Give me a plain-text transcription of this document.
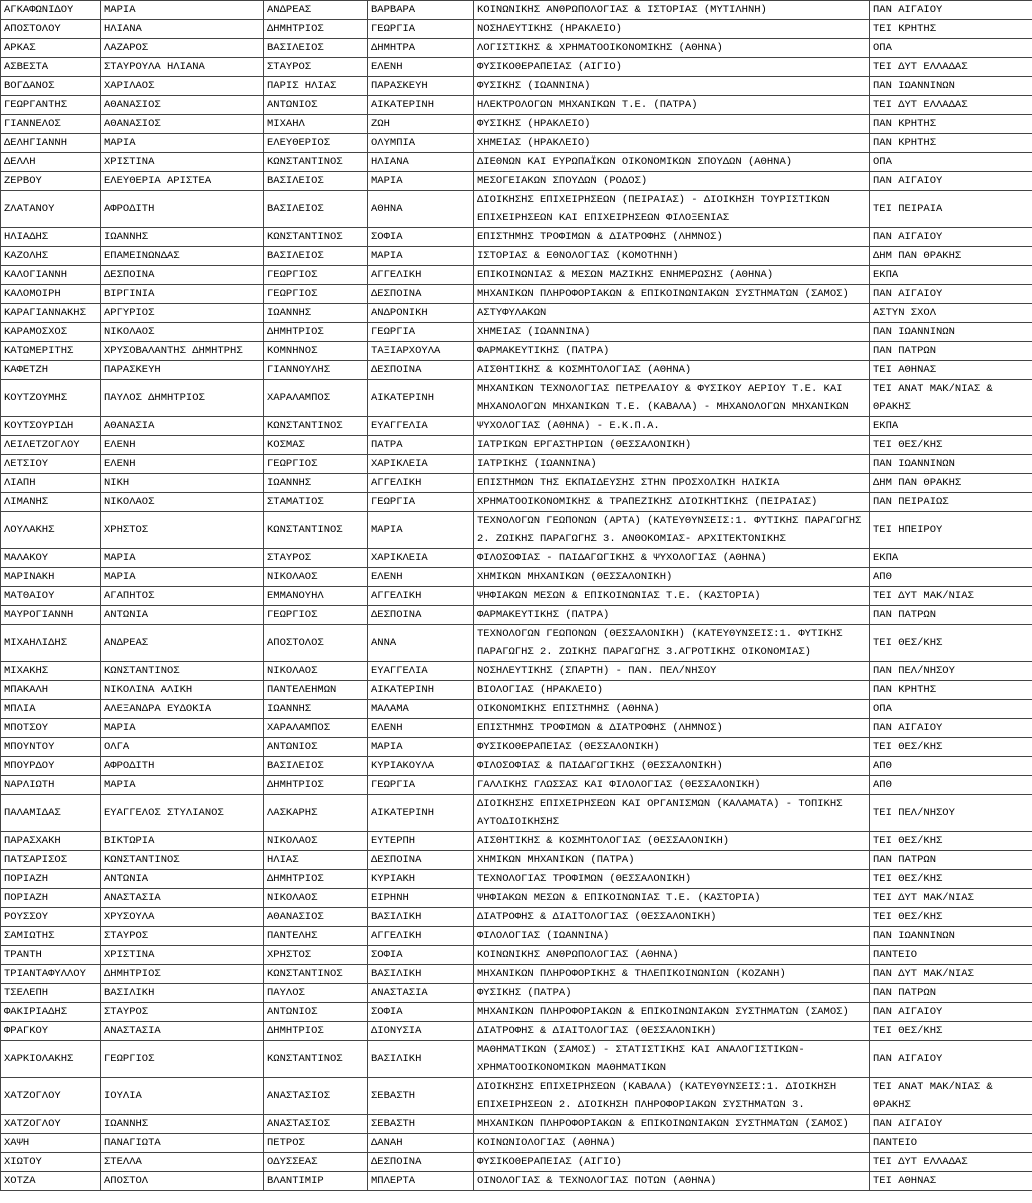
ΑΓΚΑΦΩΝΙΔΟΥ	ΜΑΡΙΑ	ΑΝΔΡΕΑΣ	ΒΑΡΒΑΡΑ	ΚΟΙΝΩΝΙΚΗΣ ΑΝΘΡΩΠΟΛΟΓΙΑΣ & ΙΣΤΟΡΙΑΣ (ΜΥΤΙΛΗΝΗ)	ΠΑΝ ΑΙΓΑΙΟΥ
ΑΠΟΣΤΟΛΟΥ	ΗΛΙΑΝΑ	ΔΗΜΗΤΡΙΟΣ	ΓΕΩΡΓΙΑ	ΝΟΣΗΛΕΥΤΙΚΗΣ (ΗΡΑΚΛΕΙΟ)	ΤΕΙ ΚΡΗΤΗΣ
ΑΡΚΑΣ	ΛΑΖΑΡΟΣ	ΒΑΣΙΛΕΙΟΣ	ΔΗΜΗΤΡΑ	ΛΟΓΙΣΤΙΚΗΣ & ΧΡΗΜΑΤΟΟΙΚΟΝΟΜΙΚΗΣ (ΑΘΗΝΑ)	ΟΠΑ
ΑΣΒΕΣΤΑ	ΣΤΑΥΡΟΥΛΑ ΗΛΙΑΝΑ	ΣΤΑΥΡΟΣ	ΕΛΕΝΗ	ΦΥΣΙΚΟΘΕΡΑΠΕΙΑΣ (ΑΙΓΙΟ)	ΤΕΙ ΔΥΤ ΕΛΛΑΔΑΣ
ΒΟΓΔΑΝΟΣ	ΧΑΡΙΛΑΟΣ	ΠΑΡΙΣ ΗΛΙΑΣ	ΠΑΡΑΣΚΕΥΗ	ΦΥΣΙΚΗΣ (ΙΩΑΝΝΙΝΑ)	ΠΑΝ ΙΩΑΝΝΙΝΩΝ
ΓΕΩΡΓΑΝΤΗΣ	ΑΘΑΝΑΣΙΟΣ	ΑΝΤΩΝΙΟΣ	ΑΙΚΑΤΕΡΙΝΗ	ΗΛΕΚΤΡΟΛΟΓΩΝ ΜΗΧΑΝΙΚΩΝ Τ.Ε. (ΠΑΤΡΑ)	ΤΕΙ ΔΥΤ ΕΛΛΑΔΑΣ
ΓΙΑΝΝΕΛΟΣ	ΑΘΑΝΑΣΙΟΣ	ΜΙΧΑΗΛ	ΖΩΗ	ΦΥΣΙΚΗΣ (ΗΡΑΚΛΕΙΟ)	ΠΑΝ ΚΡΗΤΗΣ
ΔΕΛΗΓΙΑΝΝΗ	ΜΑΡΙΑ	ΕΛΕΥΘΕΡΙΟΣ	ΟΛΥΜΠΙΑ	ΧΗΜΕΙΑΣ (ΗΡΑΚΛΕΙΟ)	ΠΑΝ ΚΡΗΤΗΣ
ΔΕΛΛΗ	ΧΡΙΣΤΙΝΑ	ΚΩΝΣΤΑΝΤΙΝΟΣ	ΗΛΙΑΝΑ	ΔΙΕΘΝΩΝ ΚΑΙ ΕΥΡΩΠΑΪΚΩΝ ΟΙΚΟΝΟΜΙΚΩΝ ΣΠΟΥΔΩΝ (ΑΘΗΝΑ)	ΟΠΑ
ΖΕΡΒΟΥ	ΕΛΕΥΘΕΡΙΑ ΑΡΙΣΤΕΑ	ΒΑΣΙΛΕΙΟΣ	ΜΑΡΙΑ	ΜΕΣΟΓΕΙΑΚΩΝ ΣΠΟΥΔΩΝ (ΡΟΔΟΣ)	ΠΑΝ ΑΙΓΑΙΟΥ
ΖΛΑΤΑΝΟΥ	ΑΦΡΟΔΙΤΗ	ΒΑΣΙΛΕΙΟΣ	ΑΘΗΝΑ	ΔΙΟΙΚΗΣΗΣ ΕΠΙΧΕΙΡΗΣΕΩΝ (ΠΕΙΡΑΙΑΣ) - ΔΙΟΙΚΗΣΗ ΤΟΥΡΙΣΤΙΚΩΝ ΕΠΙΧΕΙΡΗΣΕΩΝ ΚΑΙ ΕΠΙΧΕΙΡΗΣΕΩΝ ΦΙΛΟΞΕΝΙΑΣ	ΤΕΙ ΠΕΙΡΑΙΑ
ΗΛΙΑΔΗΣ	ΙΩΑΝΝΗΣ	ΚΩΝΣΤΑΝΤΙΝΟΣ	ΣΟΦΙΑ	ΕΠΙΣΤΗΜΗΣ ΤΡΟΦΙΜΩΝ & ΔΙΑΤΡΟΦΗΣ (ΛΗΜΝΟΣ)	ΠΑΝ ΑΙΓΑΙΟΥ
ΚΑΖΟΛΗΣ	ΕΠΑΜΕΙΝΩΝΔΑΣ	ΒΑΣΙΛΕΙΟΣ	ΜΑΡΙΑ	ΙΣΤΟΡΙΑΣ & ΕΘΝΟΛΟΓΙΑΣ (ΚΟΜΟΤΗΝΗ)	ΔΗΜ ΠΑΝ ΘΡΑΚΗΣ
ΚΑΛΟΓΙΑΝΝΗ	ΔΕΣΠΟΙΝΑ	ΓΕΩΡΓΙΟΣ	ΑΓΓΕΛΙΚΗ	ΕΠΙΚΟΙΝΩΝΙΑΣ & ΜΕΣΩΝ ΜΑΖΙΚΗΣ ΕΝΗΜΕΡΩΣΗΣ (ΑΘΗΝΑ)	ΕΚΠΑ
ΚΑΛΟΜΟΙΡΗ	ΒΙΡΓΙΝΙΑ	ΓΕΩΡΓΙΟΣ	ΔΕΣΠΟΙΝΑ	ΜΗΧΑΝΙΚΩΝ ΠΛΗΡΟΦΟΡΙΑΚΩΝ & ΕΠΙΚΟΙΝΩΝΙΑΚΩΝ ΣΥΣΤΗΜΑΤΩΝ (ΣΑΜΟΣ)	ΠΑΝ ΑΙΓΑΙΟΥ
ΚΑΡΑΓΙΑΝΝΑΚΗΣ	ΑΡΓΥΡΙΟΣ	ΙΩΑΝΝΗΣ	ΑΝΔΡΟΝΙΚΗ	ΑΣΤΥΦΥΛΑΚΩΝ	ΑΣΤΥΝ ΣΧΟΛ
ΚΑΡΑΜΟΣΧΟΣ	ΝΙΚΟΛΑΟΣ	ΔΗΜΗΤΡΙΟΣ	ΓΕΩΡΓΙΑ	ΧΗΜΕΙΑΣ (ΙΩΑΝΝΙΝΑ)	ΠΑΝ ΙΩΑΝΝΙΝΩΝ
ΚΑΤΩΜΕΡΙΤΗΣ	ΧΡΥΣΟΒΑΛΑΝΤΗΣ ΔΗΜΗΤΡΗΣ	ΚΟΜΝΗΝΟΣ	ΤΑΞΙΑΡΧΟΥΛΑ	ΦΑΡΜΑΚΕΥΤΙΚΗΣ (ΠΑΤΡΑ)	ΠΑΝ ΠΑΤΡΩΝ
ΚΑΦΕΤΖΗ	ΠΑΡΑΣΚΕΥΗ	ΓΙΑΝΝΟΥΛΗΣ	ΔΕΣΠΟΙΝΑ	ΑΙΣΘΗΤΙΚΗΣ & ΚΟΣΜΗΤΟΛΟΓΙΑΣ (ΑΘΗΝΑ)	ΤΕΙ ΑΘΗΝΑΣ
ΚΟΥΤΖΟΥΜΗΣ	ΠΑΥΛΟΣ ΔΗΜΗΤΡΙΟΣ	ΧΑΡΑΛΑΜΠΟΣ	ΑΙΚΑΤΕΡΙΝΗ	ΜΗΧΑΝΙΚΩΝ ΤΕΧΝΟΛΟΓΙΑΣ ΠΕΤΡΕΛΑΙΟΥ & ΦΥΣΙΚΟΥ ΑΕΡΙΟΥ Τ.Ε. ΚΑΙ ΜΗΧΑΝΟΛΟΓΩΝ ΜΗΧΑΝΙΚΩΝ Τ.Ε. (ΚΑΒΑΛΑ) - ΜΗΧΑΝΟΛΟΓΩΝ ΜΗΧΑΝΙΚΩΝ	ΤΕΙ ΑΝΑΤ ΜΑΚ/ΝΙΑΣ & ΘΡΑΚΗΣ
ΚΟΥΤΣΟΥΡΙΔΗ	ΑΘΑΝΑΣΙΑ	ΚΩΝΣΤΑΝΤΙΝΟΣ	ΕΥΑΓΓΕΛΙΑ	ΨΥΧΟΛΟΓΙΑΣ (ΑΘΗΝΑ) - Ε.Κ.Π.Α.	ΕΚΠΑ
ΛΕΙΛΕΤΖΟΓΛΟΥ	ΕΛΕΝΗ	ΚΟΣΜΑΣ	ΠΑΤΡΑ	ΙΑΤΡΙΚΩΝ ΕΡΓΑΣΤΗΡΙΩΝ (ΘΕΣΣΑΛΟΝΙΚΗ)	ΤΕΙ ΘΕΣ/ΚΗΣ
ΛΕΤΣΙΟΥ	ΕΛΕΝΗ	ΓΕΩΡΓΙΟΣ	ΧΑΡΙΚΛΕΙΑ	ΙΑΤΡΙΚΗΣ (ΙΩΑΝΝΙΝΑ)	ΠΑΝ ΙΩΑΝΝΙΝΩΝ
ΛΙΑΠΗ	ΝΙΚΗ	ΙΩΑΝΝΗΣ	ΑΓΓΕΛΙΚΗ	ΕΠΙΣΤΗΜΩΝ ΤΗΣ ΕΚΠΑΙΔΕΥΣΗΣ ΣΤΗΝ ΠΡΟΣΧΟΛΙΚΗ ΗΛΙΚΙΑ	ΔΗΜ ΠΑΝ ΘΡΑΚΗΣ
ΛΙΜΑΝΗΣ	ΝΙΚΟΛΑΟΣ	ΣΤΑΜΑΤΙΟΣ	ΓΕΩΡΓΙΑ	ΧΡΗΜΑΤΟΟΙΚΟΝΟΜΙΚΗΣ & ΤΡΑΠΕΖΙΚΗΣ ΔΙΟΙΚΗΤΙΚΗΣ (ΠΕΙΡΑΙΑΣ)	ΠΑΝ ΠΕΙΡΑΙΩΣ
ΛΟΥΛΑΚΗΣ	ΧΡΗΣΤΟΣ	ΚΩΝΣΤΑΝΤΙΝΟΣ	ΜΑΡΙΑ	ΤΕΧΝΟΛΟΓΩΝ ΓΕΩΠΟΝΩΝ (ΑΡΤΑ) (ΚΑΤΕΥΘΥΝΣΕΙΣ:1. ΦΥΤΙΚΗΣ ΠΑΡΑΓΩΓΗΣ 2. ΖΩΙΚΗΣ ΠΑΡΑΓΩΓΗΣ 3. ΑΝΘΟΚΟΜΙΑΣ- ΑΡΧΙΤΕΚΤΟΝΙΚΗΣ	ΤΕΙ ΗΠΕΙΡΟΥ
ΜΑΛΑΚΟΥ	ΜΑΡΙΑ	ΣΤΑΥΡΟΣ	ΧΑΡΙΚΛΕΙΑ	ΦΙΛΟΣΟΦΙΑΣ - ΠΑΙΔΑΓΩΓΙΚΗΣ & ΨΥΧΟΛΟΓΙΑΣ (ΑΘΗΝΑ)	ΕΚΠΑ
ΜΑΡΙΝΑΚΗ	ΜΑΡΙΑ	ΝΙΚΟΛΑΟΣ	ΕΛΕΝΗ	ΧΗΜΙΚΩΝ ΜΗΧΑΝΙΚΩΝ (ΘΕΣΣΑΛΟΝΙΚΗ)	ΑΠΘ
ΜΑΤΘΑΙΟΥ	ΑΓΑΠΗΤΟΣ	ΕΜΜΑΝΟΥΗΛ	ΑΓΓΕΛΙΚΗ	ΨΗΦΙΑΚΩΝ ΜΕΣΩΝ & ΕΠΙΚΟΙΝΩΝΙΑΣ Τ.Ε. (ΚΑΣΤΟΡΙΑ)	ΤΕΙ ΔΥΤ ΜΑΚ/ΝΙΑΣ
ΜΑΥΡΟΓΙΑΝΝΗ	ΑΝΤΩΝΙΑ	ΓΕΩΡΓΙΟΣ	ΔΕΣΠΟΙΝΑ	ΦΑΡΜΑΚΕΥΤΙΚΗΣ (ΠΑΤΡΑ)	ΠΑΝ ΠΑΤΡΩΝ
ΜΙΧΑΗΛΙΔΗΣ	ΑΝΔΡΕΑΣ	ΑΠΟΣΤΟΛΟΣ	ΑΝΝΑ	ΤΕΧΝΟΛΟΓΩΝ ΓΕΩΠΟΝΩΝ (ΘΕΣΣΑΛΟΝΙΚΗ) (ΚΑΤΕΥΘΥΝΣΕΙΣ:1. ΦΥΤΙΚΗΣ ΠΑΡΑΓΩΓΗΣ 2. ΖΩΙΚΗΣ ΠΑΡΑΓΩΓΗΣ 3.ΑΓΡΟΤΙΚΗΣ ΟΙΚΟΝΟΜΙΑΣ)	ΤΕΙ ΘΕΣ/ΚΗΣ
ΜΙΧΑΚΗΣ	ΚΩΝΣΤΑΝΤΙΝΟΣ	ΝΙΚΟΛΑΟΣ	ΕΥΑΓΓΕΛΙΑ	ΝΟΣΗΛΕΥΤΙΚΗΣ (ΣΠΑΡΤΗ) - ΠΑΝ. ΠΕΛ/ΝΗΣΟΥ	ΠΑΝ ΠΕΛ/ΝΗΣΟΥ
ΜΠΑΚΑΛΗ	ΝΙΚΟΛΙΝΑ ΑΛΙΚΗ	ΠΑΝΤΕΛΕΗΜΩΝ	ΑΙΚΑΤΕΡΙΝΗ	ΒΙΟΛΟΓΙΑΣ (ΗΡΑΚΛΕΙΟ)	ΠΑΝ ΚΡΗΤΗΣ
ΜΠΛΙΑ	ΑΛΕΞΑΝΔΡΑ ΕΥΔΟΚΙΑ	ΙΩΑΝΝΗΣ	ΜΑΛΑΜΑ	ΟΙΚΟΝΟΜΙΚΗΣ ΕΠΙΣΤΗΜΗΣ (ΑΘΗΝΑ)	ΟΠΑ
ΜΠΟΤΣΟΥ	ΜΑΡΙΑ	ΧΑΡΑΛΑΜΠΟΣ	ΕΛΕΝΗ	ΕΠΙΣΤΗΜΗΣ ΤΡΟΦΙΜΩΝ & ΔΙΑΤΡΟΦΗΣ (ΛΗΜΝΟΣ)	ΠΑΝ ΑΙΓΑΙΟΥ
ΜΠΟΥΝΤΟΥ	ΟΛΓΑ	ΑΝΤΩΝΙΟΣ	ΜΑΡΙΑ	ΦΥΣΙΚΟΘΕΡΑΠΕΙΑΣ (ΘΕΣΣΑΛΟΝΙΚΗ)	ΤΕΙ ΘΕΣ/ΚΗΣ
ΜΠΟΥΡΔΟΥ	ΑΦΡΟΔΙΤΗ	ΒΑΣΙΛΕΙΟΣ	ΚΥΡΙΑΚΟΥΛΑ	ΦΙΛΟΣΟΦΙΑΣ & ΠΑΙΔΑΓΩΓΙΚΗΣ (ΘΕΣΣΑΛΟΝΙΚΗ)	ΑΠΘ
ΝΑΡΛΙΩΤΗ	ΜΑΡΙΑ	ΔΗΜΗΤΡΙΟΣ	ΓΕΩΡΓΙΑ	ΓΑΛΛΙΚΗΣ ΓΛΩΣΣΑΣ ΚΑΙ ΦΙΛΟΛΟΓΙΑΣ (ΘΕΣΣΑΛΟΝΙΚΗ)	ΑΠΘ
ΠΑΛΑΜΙΔΑΣ	ΕΥΑΓΓΕΛΟΣ ΣΤΥΛΙΑΝΟΣ	ΛΑΣΚΑΡΗΣ	ΑΙΚΑΤΕΡΙΝΗ	ΔΙΟΙΚΗΣΗΣ ΕΠΙΧΕΙΡΗΣΕΩΝ ΚΑΙ ΟΡΓΑΝΙΣΜΩΝ (ΚΑΛΑΜΑΤΑ) - ΤΟΠΙΚΗΣ ΑΥΤΟΔΙΟΙΚΗΣΗΣ	ΤΕΙ ΠΕΛ/ΝΗΣΟΥ
ΠΑΡΑΣΧΑΚΗ	ΒΙΚΤΩΡΙΑ	ΝΙΚΟΛΑΟΣ	ΕΥΤΕΡΠΗ	ΑΙΣΘΗΤΙΚΗΣ & ΚΟΣΜΗΤΟΛΟΓΙΑΣ (ΘΕΣΣΑΛΟΝΙΚΗ)	ΤΕΙ ΘΕΣ/ΚΗΣ
ΠΑΤΣΑΡΙΣΟΣ	ΚΩΝΣΤΑΝΤΙΝΟΣ	ΗΛΙΑΣ	ΔΕΣΠΟΙΝΑ	ΧΗΜΙΚΩΝ ΜΗΧΑΝΙΚΩΝ (ΠΑΤΡΑ)	ΠΑΝ ΠΑΤΡΩΝ
ΠΟΡΙΑΖΗ	ΑΝΤΩΝΙΑ	ΔΗΜΗΤΡΙΟΣ	ΚΥΡΙΑΚΗ	ΤΕΧΝΟΛΟΓΙΑΣ ΤΡΟΦΙΜΩΝ (ΘΕΣΣΑΛΟΝΙΚΗ)	ΤΕΙ ΘΕΣ/ΚΗΣ
ΠΟΡΙΑΖΗ	ΑΝΑΣΤΑΣΙΑ	ΝΙΚΟΛΑΟΣ	ΕΙΡΗΝΗ	ΨΗΦΙΑΚΩΝ ΜΕΣΩΝ & ΕΠΙΚΟΙΝΩΝΙΑΣ Τ.Ε. (ΚΑΣΤΟΡΙΑ)	ΤΕΙ ΔΥΤ ΜΑΚ/ΝΙΑΣ
ΡΟΥΣΣΟΥ	ΧΡΥΣΟΥΛΑ	ΑΘΑΝΑΣΙΟΣ	ΒΑΣΙΛΙΚΗ	ΔΙΑΤΡΟΦΗΣ & ΔΙΑΙΤΟΛΟΓΙΑΣ (ΘΕΣΣΑΛΟΝΙΚΗ)	ΤΕΙ ΘΕΣ/ΚΗΣ
ΣΑΜΙΩΤΗΣ	ΣΤΑΥΡΟΣ	ΠΑΝΤΕΛΗΣ	ΑΓΓΕΛΙΚΗ	ΦΙΛΟΛΟΓΙΑΣ (ΙΩΑΝΝΙΝΑ)	ΠΑΝ ΙΩΑΝΝΙΝΩΝ
ΤΡΑΝΤΗ	ΧΡΙΣΤΙΝΑ	ΧΡΗΣΤΟΣ	ΣΟΦΙΑ	ΚΟΙΝΩΝΙΚΗΣ ΑΝΘΡΩΠΟΛΟΓΙΑΣ (ΑΘΗΝΑ)	ΠΑΝΤΕΙΟ
ΤΡΙΑΝΤΑΦΥΛΛΟΥ	ΔΗΜΗΤΡΙΟΣ	ΚΩΝΣΤΑΝΤΙΝΟΣ	ΒΑΣΙΛΙΚΗ	ΜΗΧΑΝΙΚΩΝ ΠΛΗΡΟΦΟΡΙΚΗΣ & ΤΗΛΕΠΙΚΟΙΝΩΝΙΩΝ (ΚΟΖΑΝΗ)	ΠΑΝ ΔΥΤ ΜΑΚ/ΝΙΑΣ
ΤΣΕΛΕΠΗ	ΒΑΣΙΛΙΚΗ	ΠΑΥΛΟΣ	ΑΝΑΣΤΑΣΙΑ	ΦΥΣΙΚΗΣ (ΠΑΤΡΑ)	ΠΑΝ ΠΑΤΡΩΝ
ΦΑΚΙΡΙΑΔΗΣ	ΣΤΑΥΡΟΣ	ΑΝΤΩΝΙΟΣ	ΣΟΦΙΑ	ΜΗΧΑΝΙΚΩΝ ΠΛΗΡΟΦΟΡΙΑΚΩΝ & ΕΠΙΚΟΙΝΩΝΙΑΚΩΝ ΣΥΣΤΗΜΑΤΩΝ (ΣΑΜΟΣ)	ΠΑΝ ΑΙΓΑΙΟΥ
ΦΡΑΓΚΟΥ	ΑΝΑΣΤΑΣΙΑ	ΔΗΜΗΤΡΙΟΣ	ΔΙΟΝΥΣΙΑ	ΔΙΑΤΡΟΦΗΣ & ΔΙΑΙΤΟΛΟΓΙΑΣ (ΘΕΣΣΑΛΟΝΙΚΗ)	ΤΕΙ ΘΕΣ/ΚΗΣ
ΧΑΡΚΙΟΛΑΚΗΣ	ΓΕΩΡΓΙΟΣ	ΚΩΝΣΤΑΝΤΙΝΟΣ	ΒΑΣΙΛΙΚΗ	ΜΑΘΗΜΑΤΙΚΩΝ (ΣΑΜΟΣ) - ΣΤΑΤΙΣΤΙΚΗΣ ΚΑΙ ΑΝΑΛΟΓΙΣΤΙΚΩΝ- ΧΡΗΜΑΤΟΟΙΚΟΝΟΜΙΚΩΝ ΜΑΘΗΜΑΤΙΚΩΝ	ΠΑΝ ΑΙΓΑΙΟΥ
ΧΑΤΖΟΓΛΟΥ	ΙΟΥΛΙΑ	ΑΝΑΣΤΑΣΙΟΣ	ΣΕΒΑΣΤΗ	ΔΙΟΙΚΗΣΗΣ ΕΠΙΧΕΙΡΗΣΕΩΝ (ΚΑΒΑΛΑ) (ΚΑΤΕΥΘΥΝΣΕΙΣ:1. ΔΙΟΙΚΗΣΗ ΕΠΙΧΕΙΡΗΣΕΩΝ 2. ΔΙΟΙΚΗΣΗ ΠΛΗΡΟΦΟΡΙΑΚΩΝ ΣΥΣΤΗΜΑΤΩΝ 3.	ΤΕΙ ΑΝΑΤ ΜΑΚ/ΝΙΑΣ & ΘΡΑΚΗΣ
ΧΑΤΖΟΓΛΟΥ	ΙΩΑΝΝΗΣ	ΑΝΑΣΤΑΣΙΟΣ	ΣΕΒΑΣΤΗ	ΜΗΧΑΝΙΚΩΝ ΠΛΗΡΟΦΟΡΙΑΚΩΝ & ΕΠΙΚΟΙΝΩΝΙΑΚΩΝ ΣΥΣΤΗΜΑΤΩΝ (ΣΑΜΟΣ)	ΠΑΝ ΑΙΓΑΙΟΥ
ΧΑΨΗ	ΠΑΝΑΓΙΩΤΑ	ΠΕΤΡΟΣ	ΔΑΝΑΗ	ΚΟΙΝΩΝΙΟΛΟΓΙΑΣ (ΑΘΗΝΑ)	ΠΑΝΤΕΙΟ
ΧΙΩΤΟΥ	ΣΤΕΛΛΑ	ΟΔΥΣΣΕΑΣ	ΔΕΣΠΟΙΝΑ	ΦΥΣΙΚΟΘΕΡΑΠΕΙΑΣ (ΑΙΓΙΟ)	ΤΕΙ ΔΥΤ ΕΛΛΑΔΑΣ
ΧΟΤΖΑ	ΑΠΟΣΤΟΛ	ΒΛΑΝΤΙΜΙΡ	ΜΠΛΕΡΤΑ	ΟΙΝΟΛΟΓΙΑΣ & ΤΕΧΝΟΛΟΓΙΑΣ ΠΟΤΩΝ (ΑΘΗΝΑ)	ΤΕΙ ΑΘΗΝΑΣ
